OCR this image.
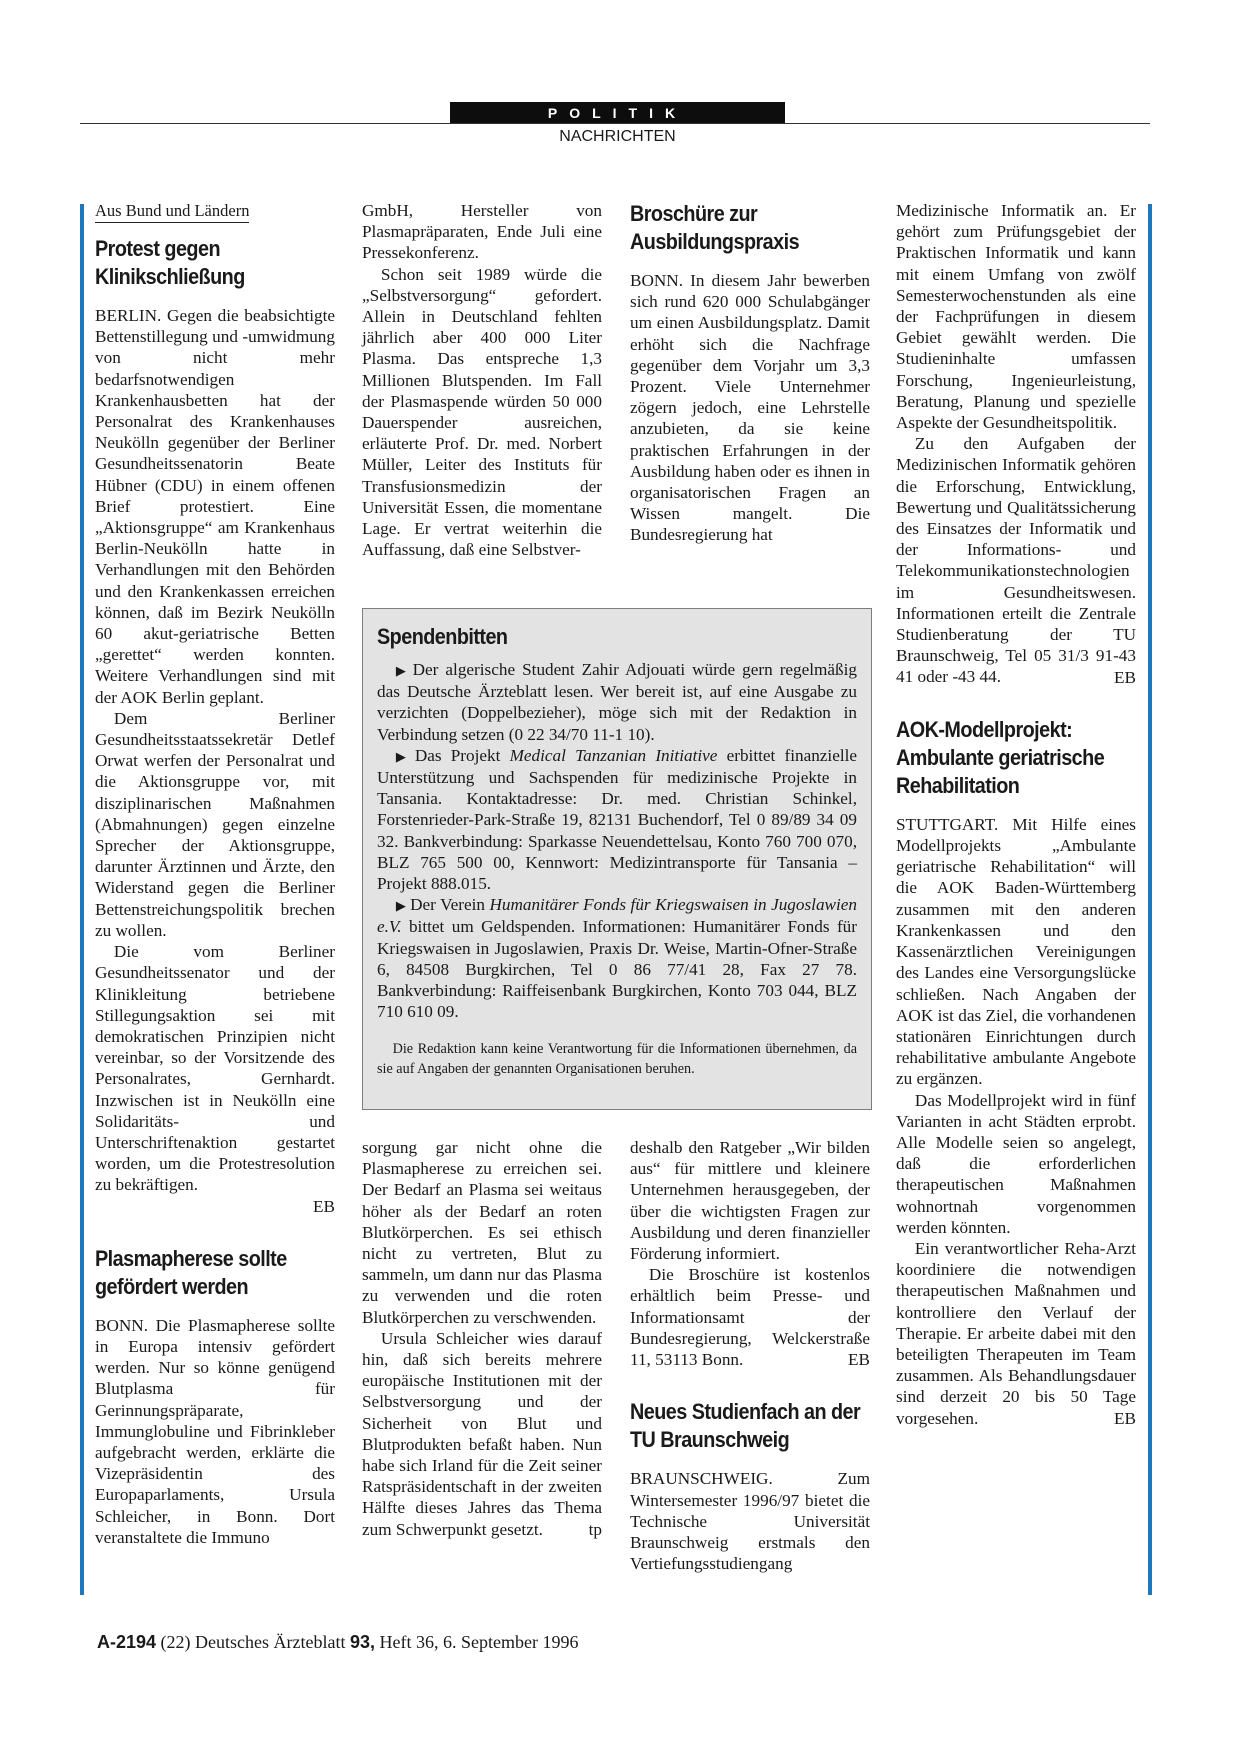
POLITIK
NACHRICHTEN
Aus Bund und Ländern
Protest gegen Klinikschließung

BERLIN. Gegen die beabsichtigte Bettenstillegung und -umwidmung von nicht mehr bedarfsnotwendigen Krankenhausbetten hat der Personalrat des Krankenhauses Neukölln gegenüber der Berliner Gesundheitssenatorin Beate Hübner (CDU) in einem offenen Brief protestiert. Eine „Aktionsgruppe“ am Krankenhaus Berlin-Neukölln hatte in Verhandlungen mit den Behörden und den Krankenkassen erreichen können, daß im Bezirk Neukölln 60 akut-geriatrische Betten „gerettet“ werden konnten. Weitere Verhandlungen sind mit der AOK Berlin geplant.

Dem Berliner Gesundheitsstaatssekretär Detlef Orwat werfen der Personalrat und die Aktionsgruppe vor, mit disziplinarischen Maßnahmen (Abmahnungen) gegen einzelne Sprecher der Aktionsgruppe, darunter Ärztinnen und Ärzte, den Widerstand gegen die Berliner Bettenstreichungspolitik brechen zu wollen.

Die vom Berliner Gesundheitssenator und der Klinikleitung betriebene Stillegungsaktion sei mit demokratischen Prinzipien nicht vereinbar, so der Vorsitzende des Personalrates, Gernhardt. Inzwischen ist in Neukölln eine Solidaritäts- und Unterschriftenaktion gestartet worden, um die Protestresolution zu bekräftigen.

EB
Plasmapherese sollte gefördert werden

BONN. Die Plasmapherese sollte in Europa intensiv gefördert werden. Nur so könne genügend Blutplasma für Gerinnungspräparate, Immunglobuline und Fibrinkleber aufgebracht werden, erklärte die Vizepräsidentin des Europaparlaments, Ursula Schleicher, in Bonn. Dort veranstaltete die Immuno

GmbH, Hersteller von Plasmapräparaten, Ende Juli eine Pressekonferenz.

Schon seit 1989 würde die „Selbstversorgung“ gefordert. Allein in Deutschland fehlten jährlich aber 400 000 Liter Plasma. Das entspreche 1,3 Millionen Blutspenden. Im Fall der Plasmaspende würden 50 000 Dauerspender ausreichen, erläuterte Prof. Dr. med. Norbert Müller, Leiter des Instituts für Transfusionsmedizin der Universität Essen, die momentane Lage. Er vertrat weiterhin die Auffassung, daß eine Selbstver-

Broschüre zur Ausbildungspraxis

BONN. In diesem Jahr bewerben sich rund 620 000 Schulabgänger um einen Ausbildungsplatz. Damit erhöht sich die Nachfrage gegenüber dem Vorjahr um 3,3 Prozent. Viele Unternehmer zögern jedoch, eine Lehrstelle anzubieten, da sie keine praktischen Erfahrungen in der Ausbildung haben oder es ihnen in organisatorischen Fragen an Wissen mangelt. Die Bundesregierung hat

Spendenbitten

▶ Der algerische Student Zahir Adjouati würde gern regelmäßig das Deutsche Ärzteblatt lesen. Wer bereit ist, auf eine Ausgabe zu verzichten (Doppelbezieher), möge sich mit der Redaktion in Verbindung setzen (0 22 34/70 11-1 10).

▶ Das Projekt Medical Tanzanian Initiative erbittet finanzielle Unterstützung und Sachspenden für medizinische Projekte in Tansania. Kontaktadresse: Dr. med. Christian Schinkel, Forstenrieder-Park-Straße 19, 82131 Buchendorf, Tel 0 89/89 34 09 32. Bankverbindung: Sparkasse Neuendettelsau, Konto 760 700 070, BLZ 765 500 00, Kennwort: Medizintransporte für Tansania – Projekt 888.015.

▶ Der Verein Humanitärer Fonds für Kriegswaisen in Jugoslawien e.V. bittet um Geldspenden. Informationen: Humanitärer Fonds für Kriegswaisen in Jugoslawien, Praxis Dr. Weise, Martin-Ofner-Straße 6, 84508 Burgkirchen, Tel 0 86 77/41 28, Fax 27 78. Bankverbindung: Raiffeisenbank Burgkirchen, Konto 703 044, BLZ 710 610 09.

Die Redaktion kann keine Verantwortung für die Informationen übernehmen, da sie auf Angaben der genannten Organisationen beruhen.

sorgung gar nicht ohne die Plasmapherese zu erreichen sei. Der Bedarf an Plasma sei weitaus höher als der Bedarf an roten Blutkörperchen. Es sei ethisch nicht zu vertreten, Blut zu sammeln, um dann nur das Plasma zu verwenden und die roten Blutkörperchen zu verschwenden.

Ursula Schleicher wies darauf hin, daß sich bereits mehrere europäische Institutionen mit der Selbstversorgung und der Sicherheit von Blut und Blutprodukten befaßt haben. Nun habe sich Irland für die Zeit seiner Ratspräsidentschaft in der zweiten Hälfte dieses Jahres das Thema zum Schwerpunkt gesetzt.	tp

deshalb den Ratgeber „Wir bilden aus“ für mittlere und kleinere Unternehmen herausgegeben, der über die wichtigsten Fragen zur Ausbildung und deren finanzieller Förderung informiert.

Die Broschüre ist kostenlos erhältlich beim Presse- und Informationsamt der Bundesregierung, Welckerstraße 11, 53113 Bonn.	EB
Neues Studienfach an der TU Braunschweig

BRAUNSCHWEIG. Zum Wintersemester 1996/97 bietet die Technische Universität Braunschweig erstmals den Vertiefungsstudiengang

Medizinische Informatik an. Er gehört zum Prüfungsgebiet der Praktischen Informatik und kann mit einem Umfang von zwölf Semesterwochenstunden als eine der Fachprüfungen in diesem Gebiet gewählt werden. Die Studieninhalte umfassen Forschung, Ingenieurleistung, Beratung, Planung und spezielle Aspekte der Gesundheitspolitik.

Zu den Aufgaben der Medizinischen Informatik gehören die Erforschung, Entwicklung, Bewertung und Qualitätssicherung des Einsatzes der Informatik und der Informations- und Telekommunikationstechnologien im Gesundheitswesen. Informationen erteilt die Zentrale Studienberatung der TU Braunschweig, Tel 05 31/3 91-43 41 oder -43 44.	EB
AOK-Modellprojekt: Ambulante geriatrische Rehabilitation

STUTTGART. Mit Hilfe eines Modellprojekts „Ambulante geriatrische Rehabilitation“ will die AOK Baden-Württemberg zusammen mit den anderen Krankenkassen und den Kassenärztlichen Vereinigungen des Landes eine Versorgungslücke schließen. Nach Angaben der AOK ist das Ziel, die vorhandenen stationären Einrichtungen durch rehabilitative ambulante Angebote zu ergänzen.

Das Modellprojekt wird in fünf Varianten in acht Städten erprobt. Alle Modelle seien so angelegt, daß die erforderlichen therapeutischen Maßnahmen wohnortnah vorgenommen werden könnten.

Ein verantwortlicher Reha-Arzt koordiniere die notwendigen therapeutischen Maßnahmen und kontrolliere den Verlauf der Therapie. Er arbeite dabei mit den beteiligten Therapeuten im Team zusammen. Als Behandlungsdauer sind derzeit 20 bis 50 Tage vorgesehen.	EB
A-2194 (22) Deutsches Ärzteblatt 93, Heft 36, 6. September 1996
